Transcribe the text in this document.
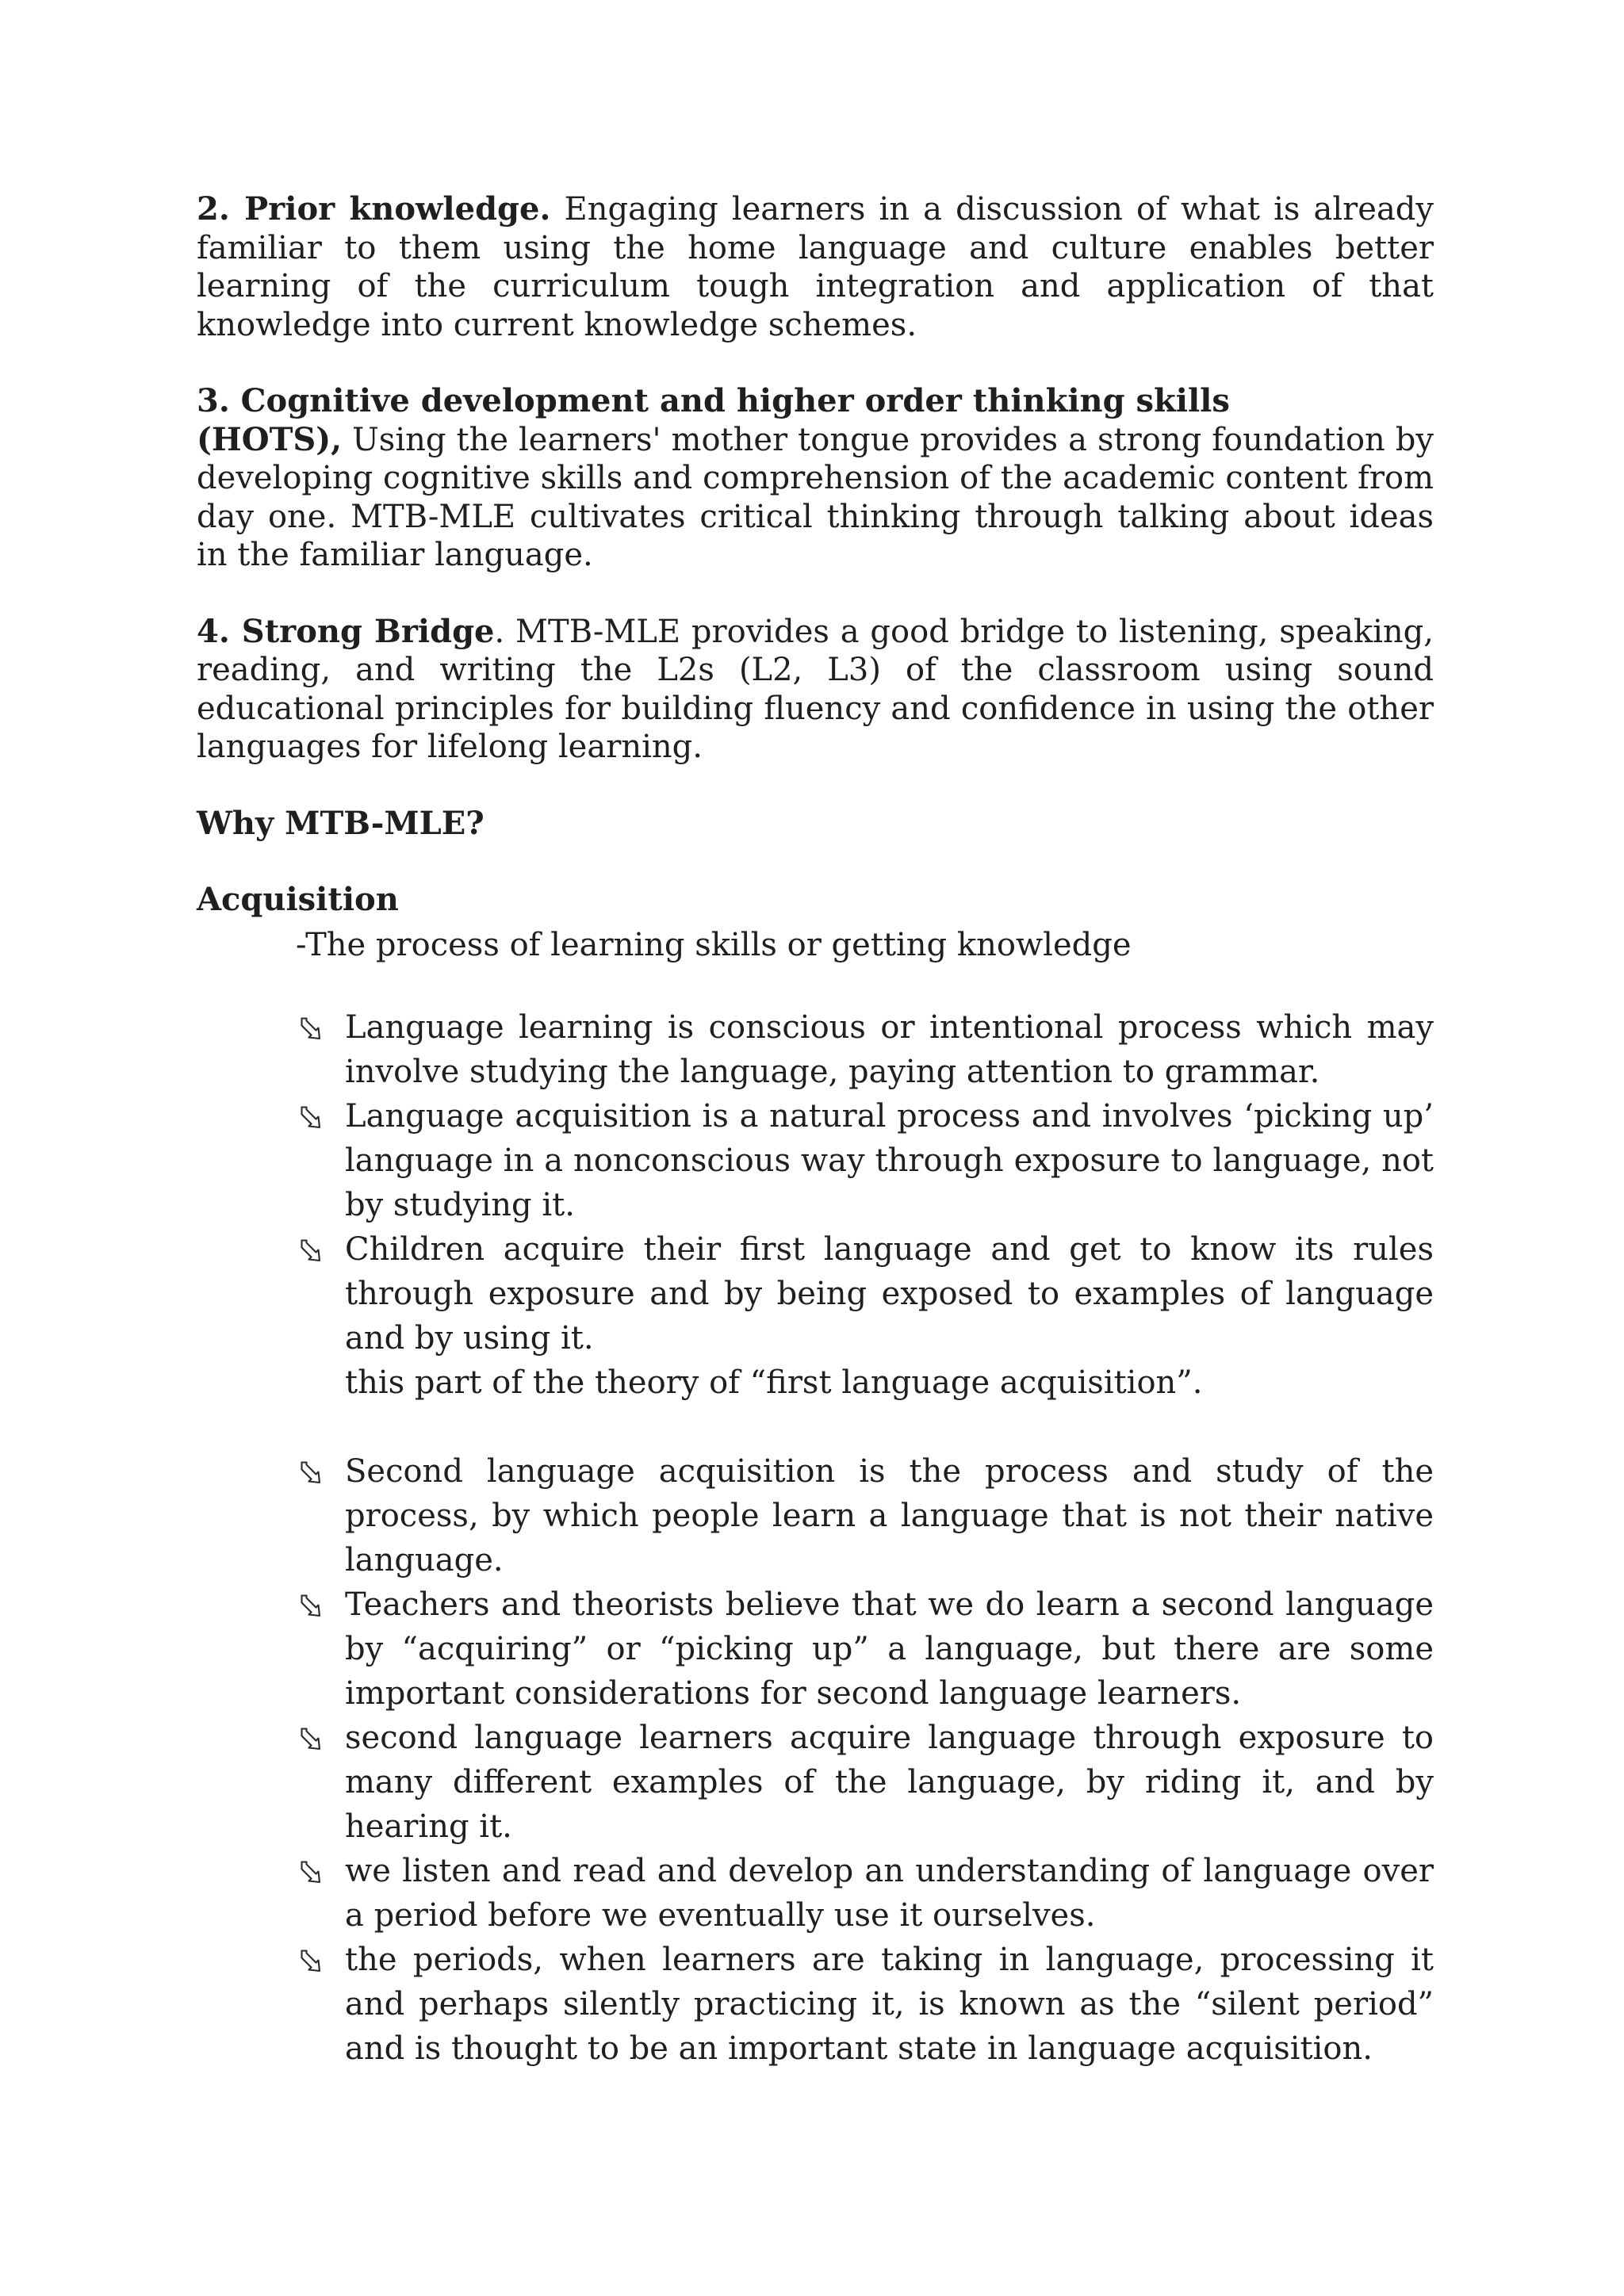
2. Prior knowledge. Engaging learners in a discussion of what is already familiar to them using the home language and culture enables better learning of the curriculum tough integration and application of that knowledge into current knowledge schemes.

3. Cognitive development and higher order thinking skills

(HOTS), Using the learners' mother tongue provides a strong foundation by developing cognitive skills and comprehension of the academic content from day one. MTB-MLE cultivates critical thinking through talking about ideas in the familiar language.

4. Strong Bridge. MTB-MLE provides a good bridge to listening, speaking, reading, and writing the L2s (L2, L3) of the classroom using sound educational principles for building fluency and confidence in using the other languages for lifelong learning.

Why MTB-MLE?

Acquisition

-The process of learning skills or getting knowledge

Language learning is conscious or intentional process which may involve studying the language, paying attention to grammar.
Language acquisition is a natural process and involves ‘picking up’ language in a nonconscious way through exposure to language, not by studying it.
Children acquire their first language and get to know its rules through exposure and by being exposed to examples of language and by using it.

this part of the theory of “first language acquisition”.

Second language acquisition is the process and study of the process, by which people learn a language that is not their native language.
Teachers and theorists believe that we do learn a second language by “acquiring” or “picking up” a language, but there are some important considerations for second language learners.
second language learners acquire language through exposure to many different examples of the language, by riding it, and by hearing it.
we listen and read and develop an understanding of language over a period before we eventually use it ourselves.
the periods, when learners are taking in language, processing it and perhaps silently practicing it, is known as the “silent period” and is thought to be an important state in language acquisition.
